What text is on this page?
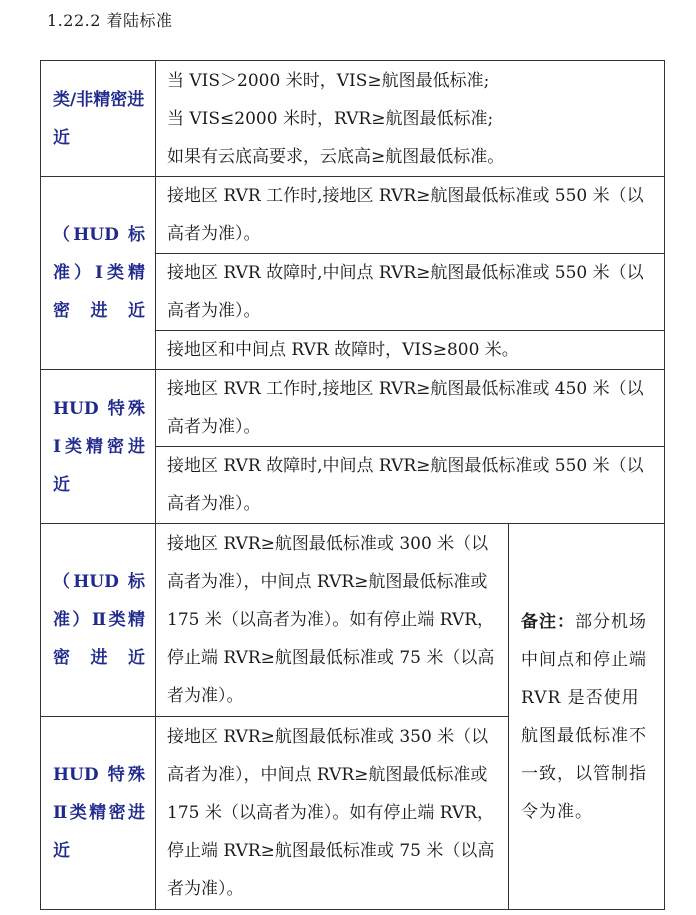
1.22.2 着陆标准
类/非精密进近	当 VIS＞2000 米时，VIS≥航图最低标准;
当 VIS≤2000 米时，RVR≥航图最低标准;
如果有云底高要求，云底高≥航图最低标准。	

（HUD 标准）Ⅰ类精密进近	接地区 RVR 工作时,接地区 RVR≥航图最低标准或 550 米（以高者为准）。	
	接地区 RVR 故障时,中间点 RVR≥航图最低标准或 550 米（以高者为准）。	
	接地区和中间点 RVR 故障时，VIS≥800 米。	
HUD 特殊Ⅰ类精密进近	接地区 RVR 工作时,接地区 RVR≥航图最低标准或 450 米（以高者为准）。	
	接地区 RVR 故障时,中间点 RVR≥航图最低标准或 550 米（以高者为准）。	
（HUD 标准）Ⅱ类精密进近	接地区 RVR≥航图最低标准或 300 米（以高者为准），中间点 RVR≥航图最低标准或 175 米（以高者为准）。如有停止端 RVR，停止端 RVR≥航图最低标准或 75 米（以高者为准）。	备注：部分机场中间点和停止端 RVR 是否使用航图最低标准不一致，以管制指令为准。
HUD 特殊Ⅱ类精密进近	接地区 RVR≥航图最低标准或 350 米（以高者为准），中间点 RVR≥航图最低标准或 175 米（以高者为准）。如有停止端 RVR，停止端 RVR≥航图最低标准或 75 米（以高者为准）。	
